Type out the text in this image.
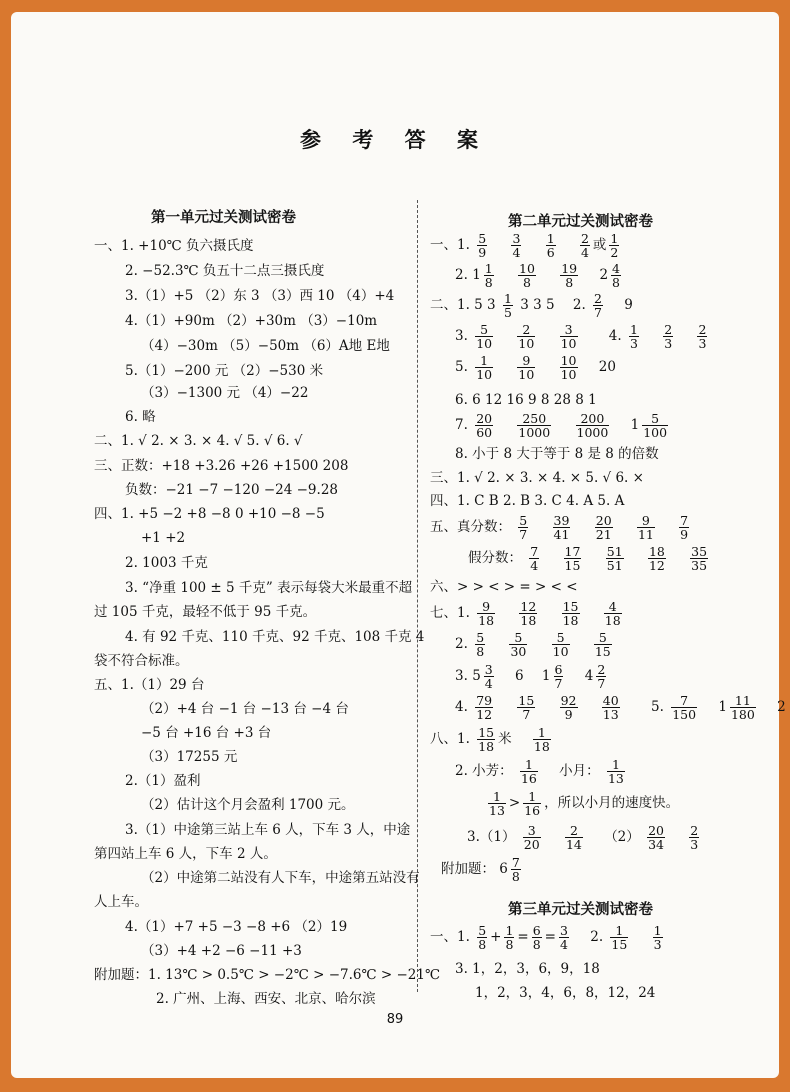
参 考 答 案
第一单元过关测试密卷
一、1. +10℃ 负六摄氏度
2. −52.3℃ 负五十二点三摄氏度
3.（1）+5 （2）东 3 （3）西 10 （4）+4
4.（1）+90m （2）+30m （3）−10m
（4）−30m （5）−50m （6）A地 E地
5.（1）−200 元 （2）−530 米
（3）−1300 元 （4）−22
6. 略
二、1. √ 2. × 3. × 4. √ 5. √ 6. √
三、正数：+18 +3.26 +26 +1500 208
负数：−21 −7 −120 −24 −9.28
四、1. +5 −2 +8 −8 0 +10 −8 −5
+1 +2
2. 1003 千克
3. “净重 100 ± 5 千克” 表示每袋大米最重不超
过 105 千克，最轻不低于 95 千克。
4. 有 92 千克、110 千克、92 千克、108 千克 4
袋不符合标准。
五、1.（1）29 台
（2）+4 台 −1 台 −13 台 −4 台
−5 台 +16 台 +3 台
（3）17255 元
2.（1）盈利
（2）估计这个月会盈利 1700 元。
3.（1）中途第三站上车 6 人，下车 3 人，中途
第四站上车 6 人，下车 2 人。
（2）中途第二站没有人下车，中途第五站没有
人上车。
4.（1）+7 +5 −3 −8 +6 （2）19
（3）+4 +2 −6 −11 +3
附加题：1. 13℃ > 0.5℃ > −2℃ > −7.6℃ > −21℃
2. 广州、上海、西安、北京、哈尔滨
第二单元过关测试密卷
一、1. $\frac{5}{9}$
$\frac{3}{4}$
$\frac{1}{6}$
$\frac{2}{4}$ 或 $\frac{1}{2}$
2. $1 \frac{1}{8}$
$\frac{10}{8}$
$\frac{19}{8} 2 \frac{4}{8}$
二、1. 5 $3 \frac{1}{5} 3$ 3 5 2. $\frac{2}{7} 9$
3. $\frac{5}{10}$
$\frac{2}{10}$
$\frac{3}{10} 4$. $\frac{1}{3}$
$\frac{2}{3}$
$\frac{2}{3}$
5. $\frac{1}{10}$
$\frac{9}{10}$
$\frac{10}{10} 20$
6. 6 12 16 9 8 28 8 1
7. $\frac{20}{60}$
$\frac{250}{1000}$
$\frac{200}{1000} 1 \frac{5}{100}$
8. 小于 8 大于等于 8 是 8 的倍数
三、1. √ 2. × 3. × 4. × 5. √ 6. ×
四、1. C B 2. B 3. C 4. A 5. A
五、真分数： $\frac{5}{7}$
$\frac{39}{41}$
$\frac{20}{21}$
$\frac{9}{11}$
$\frac{7}{9}$
假分数： $\frac{7}{4}$
$\frac{17}{15}$
$\frac{51}{51}$
$\frac{18}{12}$
$\frac{35}{35}$
六、> > < > = > < <
七、1. $\frac{9}{18}$
$\frac{12}{18}$
$\frac{15}{18}$
$\frac{4}{18}$
2. $\frac{5}{8}$
$\frac{5}{30}$
$\frac{5}{10}$
$\frac{5}{15}$
3. $5 \frac{3}{4} 6$ $1 \frac{6}{7} 4 \frac{2}{7}$
4. $\frac{79}{12}$
$\frac{15}{7}$
$\frac{92}{9}$
$\frac{40}{13} 5$. $\frac{7}{150} 1 \frac{11}{180} 2$
八、1. $\frac{15}{18}$ 米 $\frac{1}{18}$
2. 小芳： $\frac{1}{16}$ 小月： $\frac{1}{13}$
$\frac{1}{13} > \frac{1}{16}$ ，所以小月的速度快。
$3.(1) \frac{3}{20}$
$\frac{2}{14} (2) \frac{20}{34}$
$\frac{2}{3}$
附加题： $6 \frac{7}{8}$
第三单元过关测试密卷
一、1. $\frac{5}{8} + \frac{1}{8} = \frac{6}{8} = \frac{3}{4} 2$. $\frac{1}{15}$
$\frac{1}{3}$
3. 1，2，3，6，9，18
1，2，3，4，6，8，12，24
89
